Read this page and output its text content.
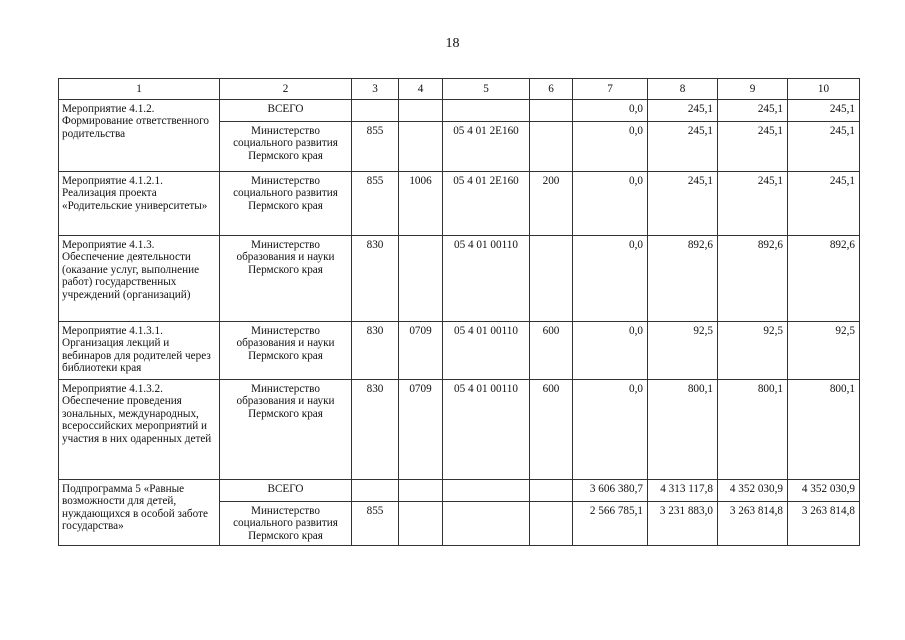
18
1	2	3	4	5	6	7	8	9	10
Мероприятие 4.1.2.
Формирование ответственного родительства	ВСЕГО					0,0	245,1	245,1	245,1
	Министерство социального развития Пермского края	855		05 4 01 2Е160		0,0	245,1	245,1	245,1
Мероприятие 4.1.2.1.
Реализация проекта «Родительские университеты»	Министерство социального развития Пермского края	855	1006	05 4 01 2Е160	200	0,0	245,1	245,1	245,1
Мероприятие 4.1.3.
Обеспечение деятельности (оказание услуг, выполнение работ) государственных учреждений (организаций)	Министерство образования и науки Пермского края	830		05 4 01 00110		0,0	892,6	892,6	892,6
Мероприятие 4.1.3.1.
Организация лекций и вебинаров для родителей через библиотеки края	Министерство образования и науки Пермского края	830	0709	05 4 01 00110	600	0,0	92,5	92,5	92,5
Мероприятие 4.1.3.2.
Обеспечение проведения зональных, международных, всероссийских мероприятий и участия в них одаренных детей	Министерство образования и науки Пермского края	830	0709	05 4 01 00110	600	0,0	800,1	800,1	800,1
Подпрограмма 5 «Равные возможности для детей, нуждающихся в особой заботе государства»	ВСЕГО					3 606 380,7	4 313 117,8	4 352 030,9	4 352 030,9
	Министерство социального развития Пермского края	855				2 566 785,1	3 231 883,0	3 263 814,8	3 263 814,8
